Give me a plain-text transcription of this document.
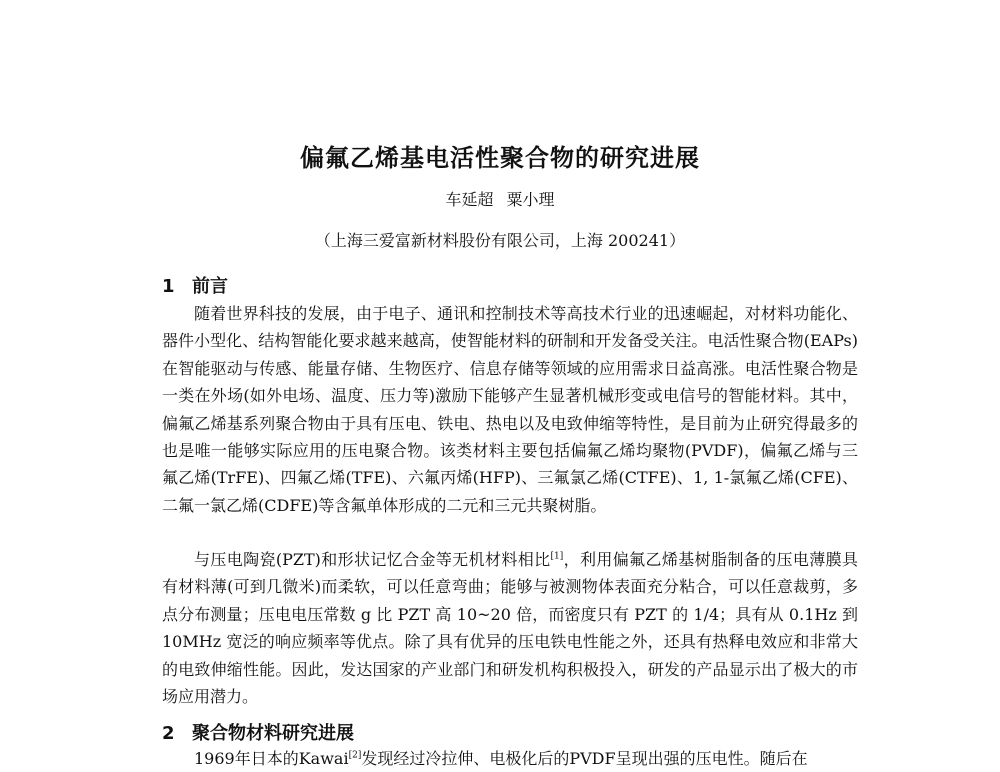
偏氟乙烯基电活性聚合物的研究进展
车延超 粟小理
（上海三爱富新材料股份有限公司，上海 200241）
1 前言

随着世界科技的发展，由于电子、通讯和控制技术等高技术行业的迅速崛起，对材料功能化、器件小型化、结构智能化要求越来越高，使智能材料的研制和开发备受关注。电活性聚合物(EAPs)在智能驱动与传感、能量存储、生物医疗、信息存储等领域的应用需求日益高涨。电活性聚合物是一类在外场(如外电场、温度、压力等)激励下能够产生显著机械形变或电信号的智能材料。其中，偏氟乙烯基系列聚合物由于具有压电、铁电、热电以及电致伸缩等特性，是目前为止研究得最多的也是唯一能够实际应用的压电聚合物。该类材料主要包括偏氟乙烯均聚物(PVDF)，偏氟乙烯与三氟乙烯(TrFE)、四氟乙烯(TFE)、六氟丙烯(HFP)、三氟氯乙烯(CTFE)、1, 1-氯氟乙烯(CFE)、二氟一氯乙烯(CDFE)等含氟单体形成的二元和三元共聚树脂。

与压电陶瓷(PZT)和形状记忆合金等无机材料相比[1]，利用偏氟乙烯基树脂制备的压电薄膜具有材料薄(可到几微米)而柔软，可以任意弯曲；能够与被测物体表面充分粘合，可以任意裁剪，多点分布测量；压电电压常数 g 比 PZT 高 10~20 倍，而密度只有 PZT 的 1/4；具有从 0.1Hz 到 10MHz 宽泛的响应频率等优点。除了具有优异的压电铁电性能之外，还具有热释电效应和非常大的电致伸缩性能。因此，发达国家的产业部门和研发机构积极投入，研发的产品显示出了极大的市场应用潜力。

2 聚合物材料研究进展

1969年日本的Kawai[2]发现经过冷拉伸、电极化后的PVDF呈现出强的压电性。随后在
